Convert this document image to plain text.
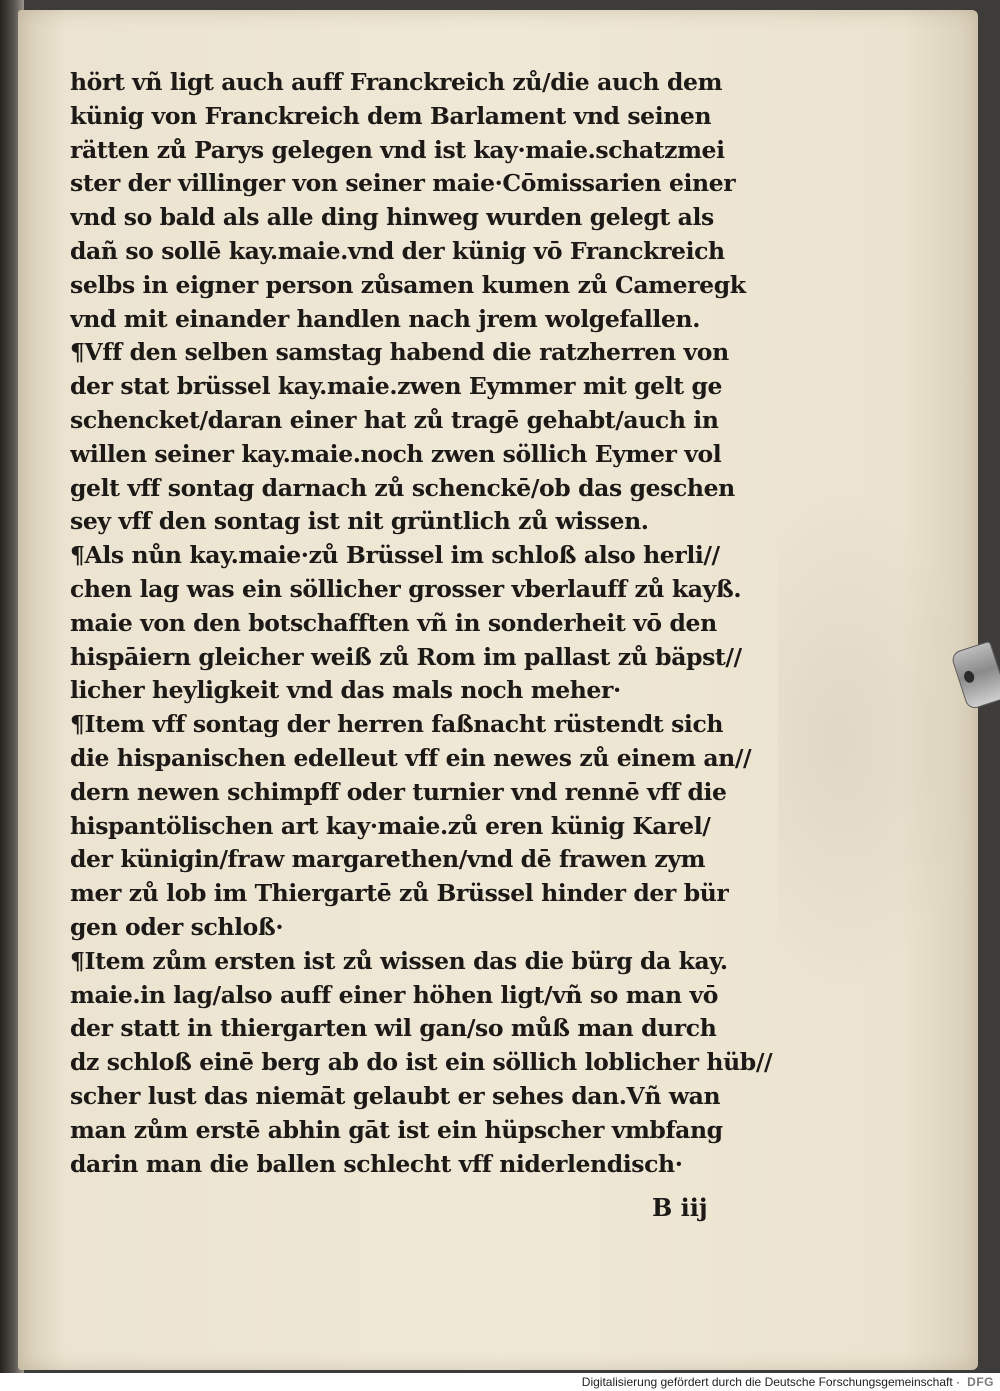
hört vñ ligt auch auff Franckreich zů/die auch dem
künig von Franckreich dem Barlament vnd seinen
rätten zů Parys gelegen vnd ist kay·maie.schatzmei
ster der villinger von seiner maie·Cōmissarien einer
vnd so bald als alle ding hinweg wurden gelegt als
dañ so sollē kay.maie.vnd der künig vō Franckreich
selbs in eigner person zůsamen kumen zů Cameregk
vnd mit einander handlen nach jrem wolgefallen.
¶Vff den selben samstag habend die ratzherren von
der stat brüssel kay.maie.zwen Eymmer mit gelt ge
schencket/daran einer hat zů tragē gehabt/auch in
willen seiner kay.maie.noch zwen söllich Eymer vol
gelt vff sontag darnach zů schenckē/ob das geschen
sey vff den sontag ist nit grüntlich zů wissen.
¶Als nůn kay.maie·zů Brüssel im schloß also herli//
chen lag was ein söllicher grosser vberlauff zů kayß.
maie von den botschafften vñ in sonderheit vō den
hispāiern gleicher weiß zů Rom im pallast zů bäpst//
licher heyligkeit vnd das mals noch meher·
¶Item vff sontag der herren faßnacht rüstendt sich
die hispanischen edelleut vff ein newes zů einem an//
dern newen schimpff oder turnier vnd rennē vff die
hispantölischen art kay·maie.zů eren künig Karel/
der künigin/fraw margarethen/vnd dē frawen zym
mer zů lob im Thiergartē zů Brüssel hinder der bür
gen oder schloß·
¶Item zům ersten ist zů wissen das die bürg da kay.
maie.in lag/also auff einer höhen ligt/vñ so man vō
der statt in thiergarten wil gan/so můß man durch
dz schloß einē berg ab do ist ein söllich loblicher hüb//
scher lust das niemāt gelaubt er sehes dan.Vñ wan
man zům erstē abhin gāt ist ein hüpscher vmbfang
darin man die ballen schlecht vff niderlendisch·
B iij
Digitalisierung gefördert durch die Deutsche Forschungsgemeinschaft · DFG
